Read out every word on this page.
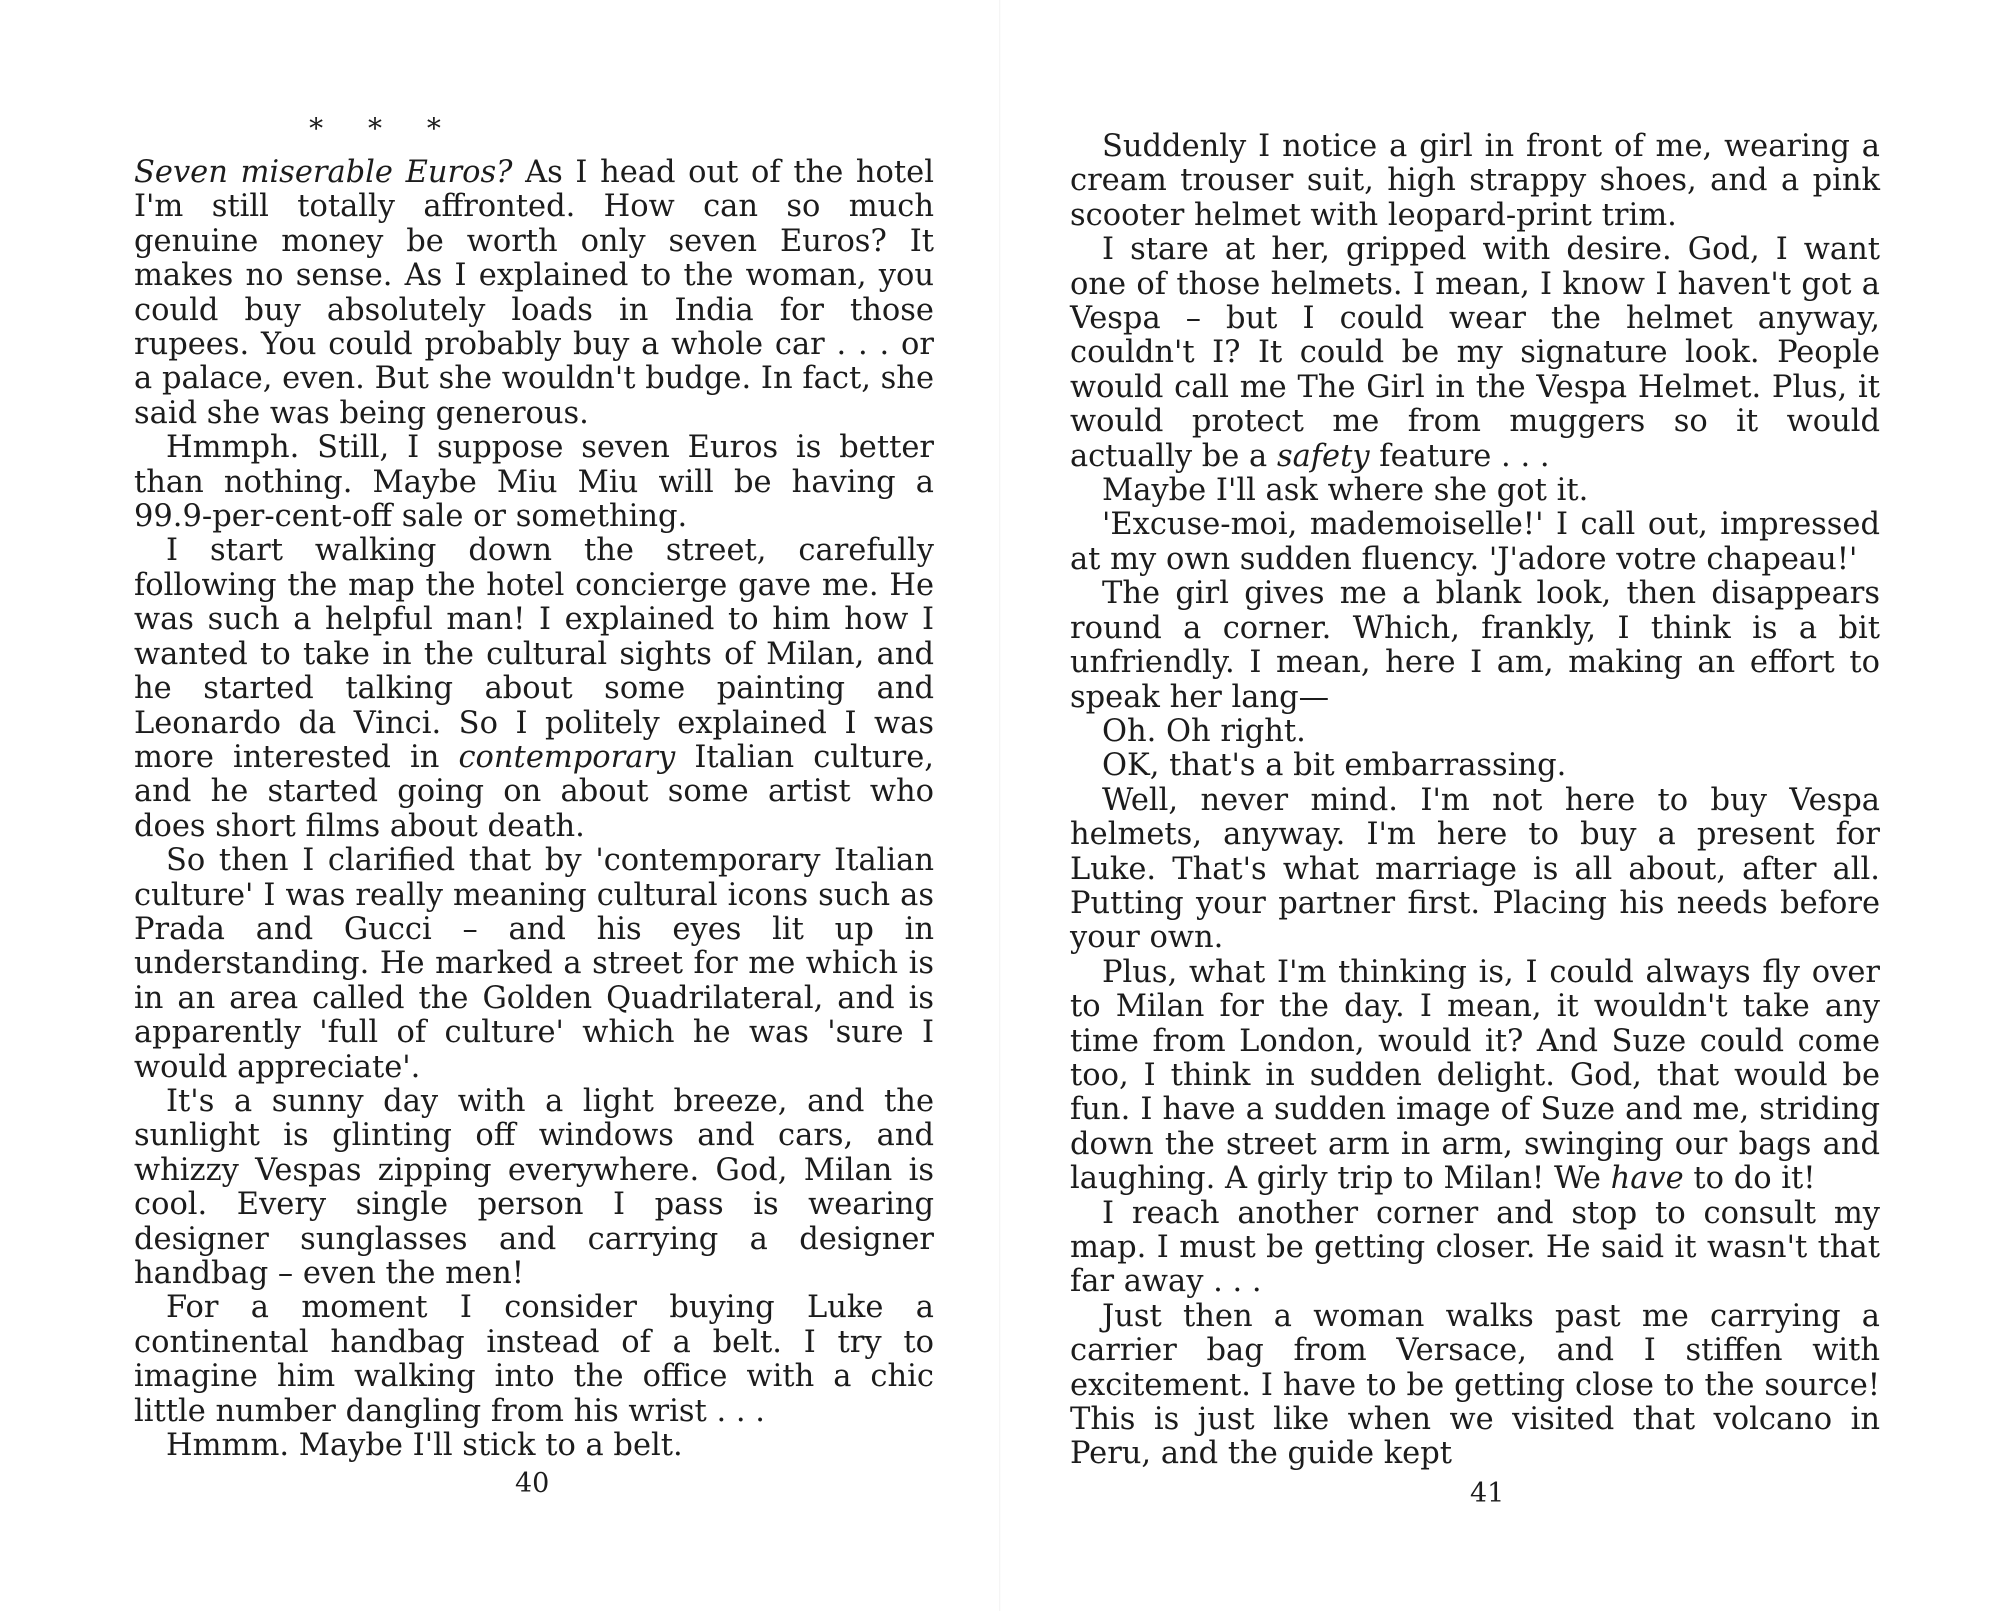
* * *

Seven miserable Euros? As I head out of the hotel I'm still totally affronted. How can so much genuine money be worth only seven Euros? It makes no sense. As I explained to the woman, you could buy absolutely loads in India for those rupees. You could probably buy a whole car . . . or a palace, even. But she wouldn't budge. In fact, she said she was being generous.

Hmmph. Still, I suppose seven Euros is better than nothing. Maybe Miu Miu will be having a 99.9-per-cent-off sale or something.

I start walking down the street, carefully following the map the hotel concierge gave me. He was such a helpful man! I explained to him how I wanted to take in the cultural sights of Milan, and he started talking about some painting and Leonardo da Vinci. So I politely explained I was more interested in contemporary Italian culture, and he started going on about some artist who does short films about death.

So then I clarified that by 'contemporary Italian culture' I was really meaning cultural icons such as Prada and Gucci – and his eyes lit up in understanding. He marked a street for me which is in an area called the Golden Quadrilateral, and is apparently 'full of culture' which he was 'sure I would appreciate'.

It's a sunny day with a light breeze, and the sunlight is glinting off windows and cars, and whizzy Vespas zipping everywhere. God, Milan is cool. Every single person I pass is wearing designer sunglasses and carrying a designer handbag – even the men!

For a moment I consider buying Luke a continental handbag instead of a belt. I try to imagine him walking into the office with a chic little number dangling from his wrist . . .

Hmmm. Maybe I'll stick to a belt.

40

Suddenly I notice a girl in front of me, wearing a cream trouser suit, high strappy shoes, and a pink scooter helmet with leopard-print trim.

I stare at her, gripped with desire. God, I want one of those helmets. I mean, I know I haven't got a Vespa – but I could wear the helmet anyway, couldn't I? It could be my signature look. People would call me The Girl in the Vespa Helmet. Plus, it would protect me from muggers so it would actually be a safety feature . . .

Maybe I'll ask where she got it.

'Excuse-moi, mademoiselle!' I call out, impressed at my own sudden fluency. 'J'adore votre chapeau!'

The girl gives me a blank look, then disappears round a corner. Which, frankly, I think is a bit unfriendly. I mean, here I am, making an effort to speak her lang—

Oh. Oh right.

OK, that's a bit embarrassing.

Well, never mind. I'm not here to buy Vespa helmets, anyway. I'm here to buy a present for Luke. That's what marriage is all about, after all. Putting your partner first. Placing his needs before your own.

Plus, what I'm thinking is, I could always fly over to Milan for the day. I mean, it wouldn't take any time from London, would it? And Suze could come too, I think in sudden delight. God, that would be fun. I have a sudden image of Suze and me, striding down the street arm in arm, swinging our bags and laughing. A girly trip to Milan! We have to do it!

I reach another corner and stop to consult my map. I must be getting closer. He said it wasn't that far away . . .

Just then a woman walks past me carrying a carrier bag from Versace, and I stiffen with excitement. I have to be getting close to the source! This is just like when we visited that volcano in Peru, and the guide kept

41
